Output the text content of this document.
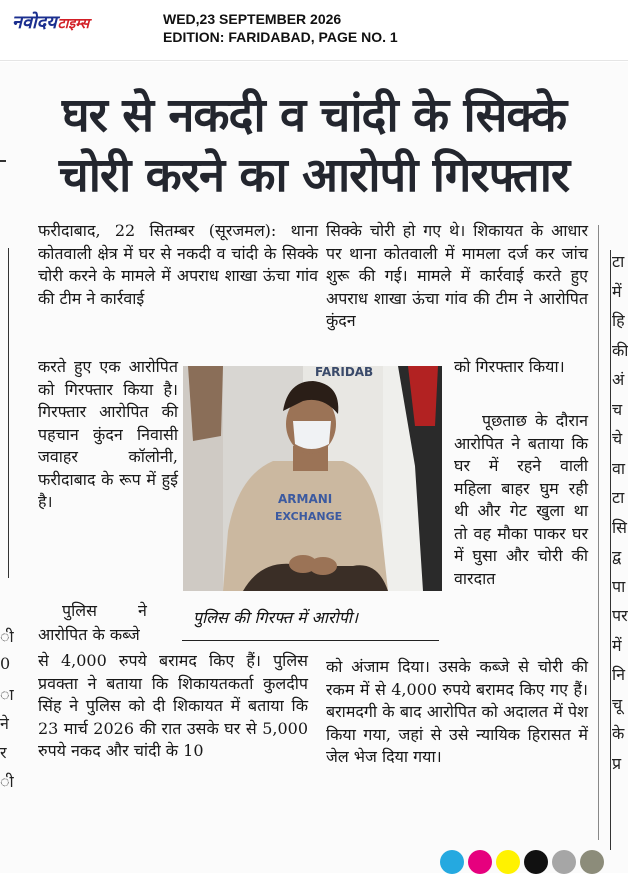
नवोदयटाइम्स	WED,23 SEPTEMBER 2026
EDITION: FARIDABAD, PAGE NO. 1
ी
0
ा
ने
र
ी
टा
में
हि
की
अं
च
चे
वा
टा
सि
द्व
पा
पर
में
नि
चू
के
प्र
घर से नकदी व चांदी के सिक्के
चोरी करने का आरोपी गिरफ्तार

फरीदाबाद, 22 सितम्बर (सूरजमल): थाना कोतवाली क्षेत्र में घर से नकदी व चांदी के सिक्के चोरी करने के मामले में अपराध शाखा ऊंचा गांव की टीम ने कार्रवाई

करते हुए एक आरोपित को गिरफ्तार किया है। गिरफ्तार आरोपित की पहचान कुंदन निवासी जवाहर कॉलोनी, फरीदाबाद के रूप में हुई है।

पुलिस ने

आरोपित के कब्जे

से 4,000 रुपये बरामद किए हैं। पुलिस प्रवक्ता ने बताया कि शिकायतकर्ता कुलदीप सिंह ने पुलिस को दी शिकायत में बताया कि 23 मार्च 2026 की रात उसके घर से 5,000 रुपये नकद और चांदी के 10

सिक्के चोरी हो गए थे। शिकायत के आधार पर थाना कोतवाली में मामला दर्ज कर जांच शुरू की गई। मामले में कार्रवाई करते हुए अपराध शाखा ऊंचा गांव की टीम ने आरोपित कुंदन

को गिरफ्तार किया।

पूछताछ के दौरान आरोपित ने बताया कि घर में रहने वाली महिला बाहर घुम रही थी और गेट खुला था तो वह मौका पाकर घर में घुसा और चोरी की वारदात

को अंजाम दिया। उसके कब्जे से चोरी की रकम में से 4,000 रुपये बरामद किए गए हैं। बरामदगी के बाद आरोपित को अदालत में पेश किया गया, जहां से उसे न्यायिक हिरासत में जेल भेज दिया गया।

FARIDAB
ARMANI
EXCHANGE
पुलिस की गिरफ्त में आरोपी।
